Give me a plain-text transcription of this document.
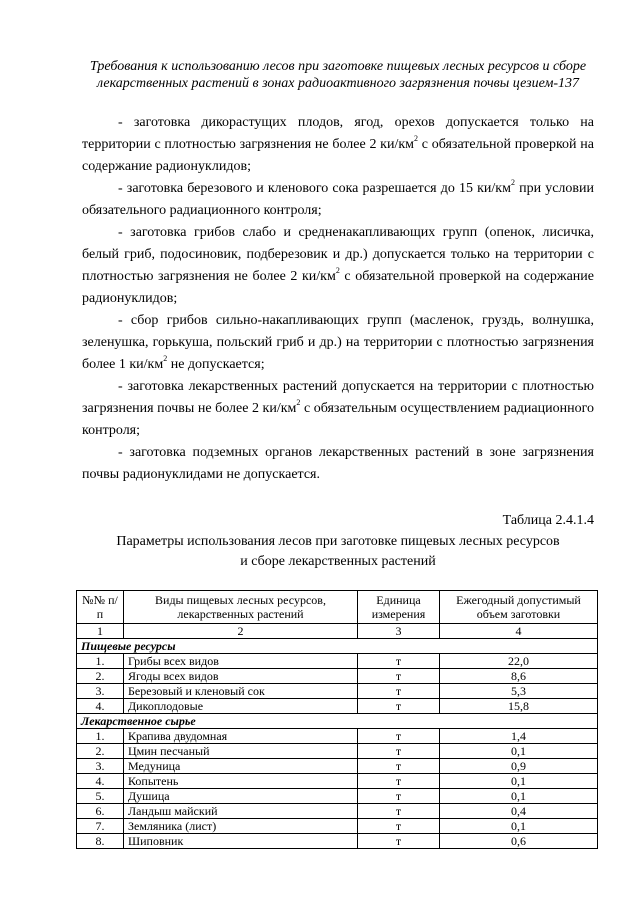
Требования к использованию лесов при заготовке пищевых лесных ресурсов и сборе лекарственных растений в зонах радиоактивного загрязнения почвы цезием-137

- заготовка дикорастущих плодов, ягод, орехов допускается только на территории с плотностью загрязнения не более 2 $ки/км^2$ с обязательной проверкой на содержание радионуклидов;

- заготовка березового и кленового сока разрешается до 15 $ки/км^2$ при условии обязательного радиационного контроля;

- заготовка грибов слабо и средненакапливающих групп (опенок, лисичка, белый гриб, подосиновик, подберезовик и др.) допускается только на территории с плотностью загрязнения не более 2 $ки/км^2$ с обязательной проверкой на содержание радионуклидов;

- сбор грибов сильно-накапливающих групп (масленок, груздь, волнушка, зеленушка, горькуша, польский гриб и др.) на территории с плотностью загрязнения более 1 $ки/км^2$ не допускается;

- заготовка лекарственных растений допускается на территории с плотностью загрязнения почвы не более 2 $ки/км^2$ с обязательным осуществлением радиационного контроля;

- заготовка подземных органов лекарственных растений в зоне загрязнения почвы радионуклидами не допускается.

Таблица 2.4.1.4
Параметры использования лесов при заготовке пищевых лесных ресурсов и сборе лекарственных растений
№№ п/п	Виды пищевых лесных ресурсов, лекарственных растений	Единица измерения	Ежегодный допустимый объем заготовки
1	2	3	4
Пищевые ресурсы			
1.	Грибы всех видов	т	22,0
2.	Ягоды всех видов	т	8,6
3.	Березовый и кленовый сок	т	5,3
4.	Дикоплодовые	т	15,8
Лекарственное сырье			
1.	Крапива двудомная	т	1,4
2.	Цмин песчаный	т	0,1
3.	Медуница	т	0,9
4.	Копытень	т	0,1
5.	Душица	т	0,1
6.	Ландыш майский	т	0,4
7.	Земляника (лист)	т	0,1
8.	Шиповник	т	0,6
